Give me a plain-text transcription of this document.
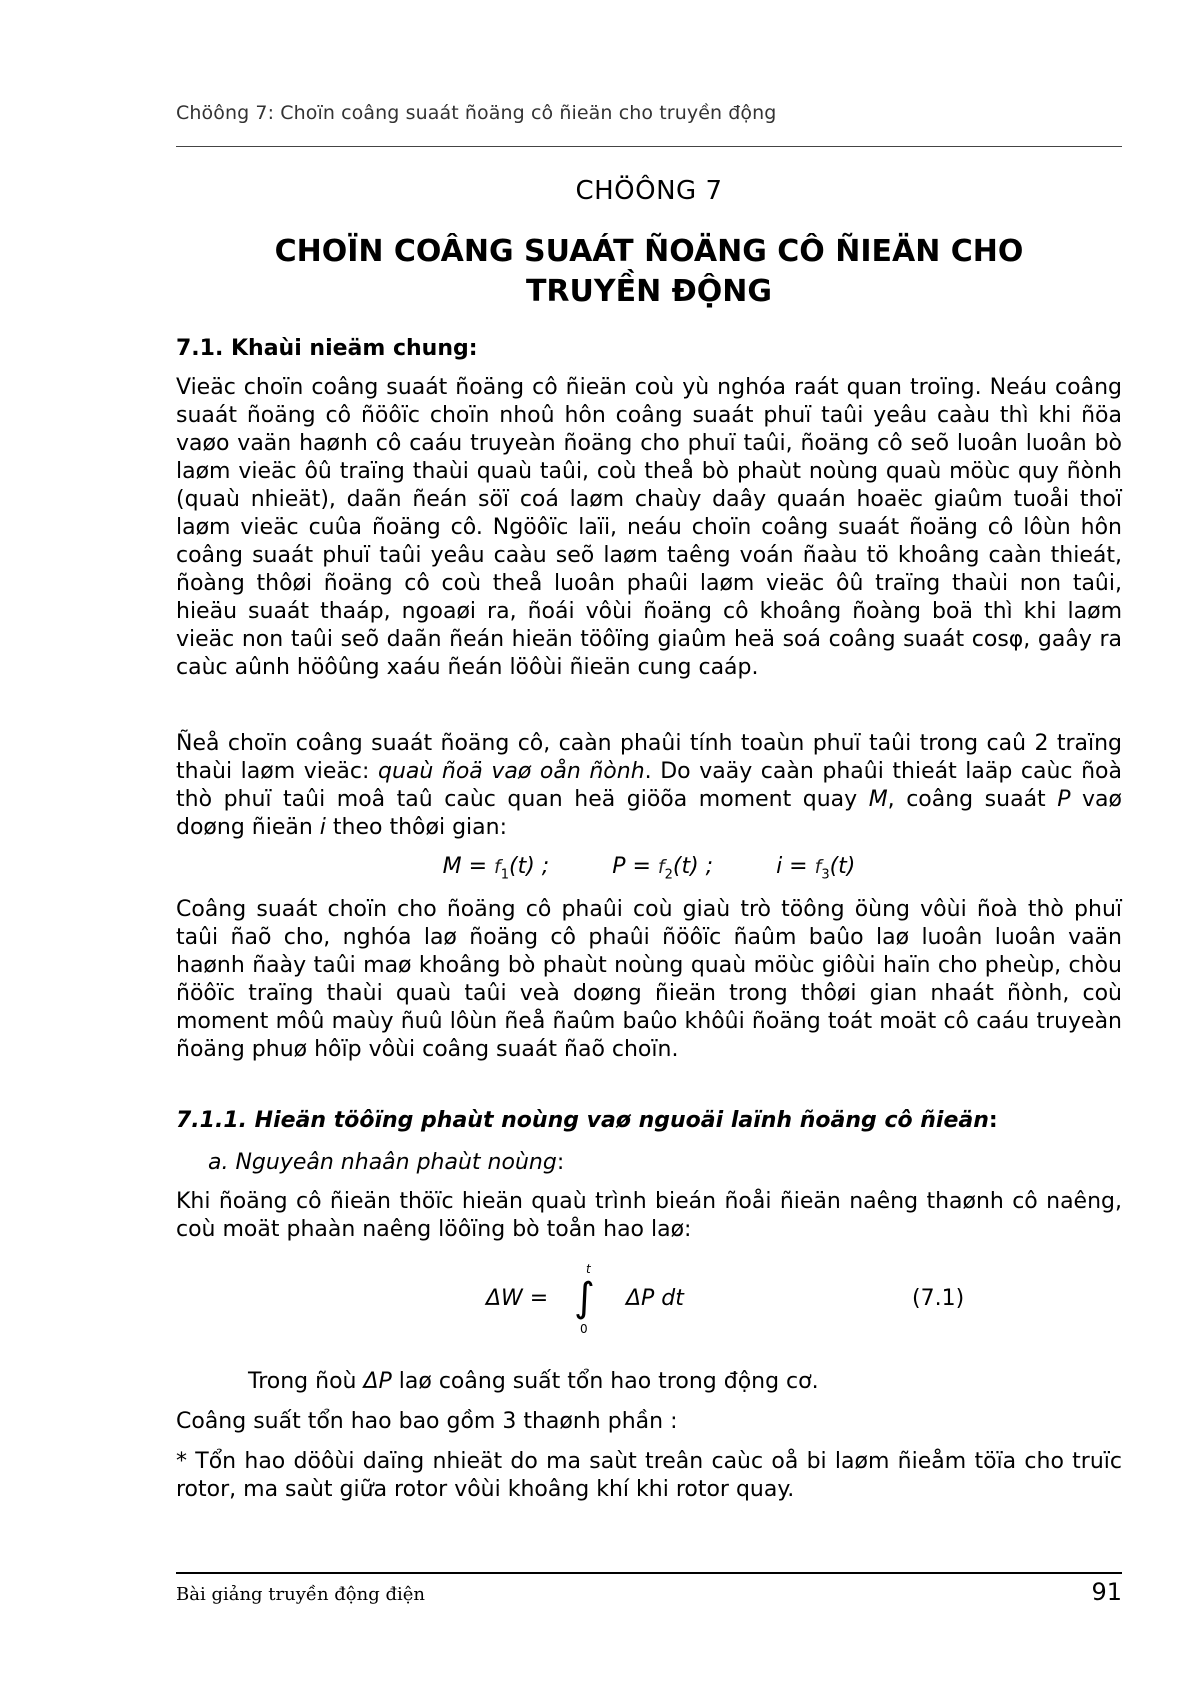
Chöông 7: Choïn coâng suaát ñoäng cô ñieän cho truyền động
CHÖÔNG 7
CHOÏN COÂNG SUAÁT ÑOÄNG CÔ ÑIEÄN CHO
TRUYỀN ĐỘNG
7.1. Khaùi nieäm chung:
Vieäc choïn coâng suaát ñoäng cô ñieän coù yù nghóa raát quan troïng. Neáu coâng suaát ñoäng cô ñöôïc choïn nhoû hôn coâng suaát phuï taûi yeâu caàu thì khi ñöa vaøo vaän haønh cô caáu truyeàn ñoäng cho phuï taûi, ñoäng cô seõ luoân luoân bò laøm vieäc ôû traïng thaùi quaù taûi, coù theå bò phaùt noùng quaù möùc quy ñònh (quaù nhieät), daãn ñeán söï coá laøm chaùy daây quaán hoaëc giaûm tuoåi thoï laøm vieäc cuûa ñoäng cô. Ngöôïc laïi, neáu choïn coâng suaát ñoäng cô lôùn hôn coâng suaát phuï taûi yeâu caàu seõ laøm taêng voán ñaàu tö khoâng caàn thieát, ñoàng thôøi ñoäng cô coù theå luoân phaûi laøm vieäc ôû traïng thaùi non taûi, hieäu suaát thaáp, ngoaøi ra, ñoái vôùi ñoäng cô khoâng ñoàng boä thì khi laøm vieäc non taûi seõ daãn ñeán hieän töôïng giaûm heä soá coâng suaát cosφ, gaây ra caùc aûnh höôûng xaáu ñeán löôùi ñieän cung caáp.
Ñeå choïn coâng suaát ñoäng cô, caàn phaûi tính toaùn phuï taûi trong caû 2 traïng thaùi laøm vieäc: quaù ñoä vaø oån ñònh. Do vaäy caàn phaûi thieát laäp caùc ñoà thò phuï taûi moâ taû caùc quan heä giöõa moment quay M, coâng suaát P vaø doøng ñieän i theo thôøi gian:
$M = f_1(t)$ ;	$P = f_2(t)$ ;	$i = f_3(t)$
Coâng suaát choïn cho ñoäng cô phaûi coù giaù trò töông öùng vôùi ñoà thò phuï taûi ñaõ cho, nghóa laø ñoäng cô phaûi ñöôïc ñaûm baûo laø luoân luoân vaän haønh ñaày taûi maø khoâng bò phaùt noùng quaù möùc giôùi haïn cho pheùp, chòu ñöôïc traïng thaùi quaù taûi veà doøng ñieän trong thôøi gian nhaát ñònh, coù moment môû maùy ñuû lôùn ñeå ñaûm baûo khôûi ñoäng toát moät cô caáu truyeàn ñoäng phuø hôïp vôùi coâng suaát ñaõ choïn.
7.1.1. Hieän töôïng phaùt noùng vaø nguoäi laïnh ñoäng cô ñieän:
a. Nguyeân nhaân phaùt noùng:
Khi ñoäng cô ñieän thöïc hieän quaù trình bieán ñoåi ñieän naêng thaønh cô naêng, coù moät phaàn naêng löôïng bò toån hao laø:
ΔW =
t
∫
0
ΔP dt	(7.1)
Trong ñoù ΔP laø coâng suất tổn hao trong động cơ.
Coâng suất tổn hao bao gồm 3 thaønh phần :
* Tổn hao döôùi daïng nhieät do ma saùt treân caùc oå bi laøm ñieåm töïa cho truïc rotor, ma saùt giữa rotor vôùi khoâng khí khi rotor quay.
Bài giảng truyền động điện	91
